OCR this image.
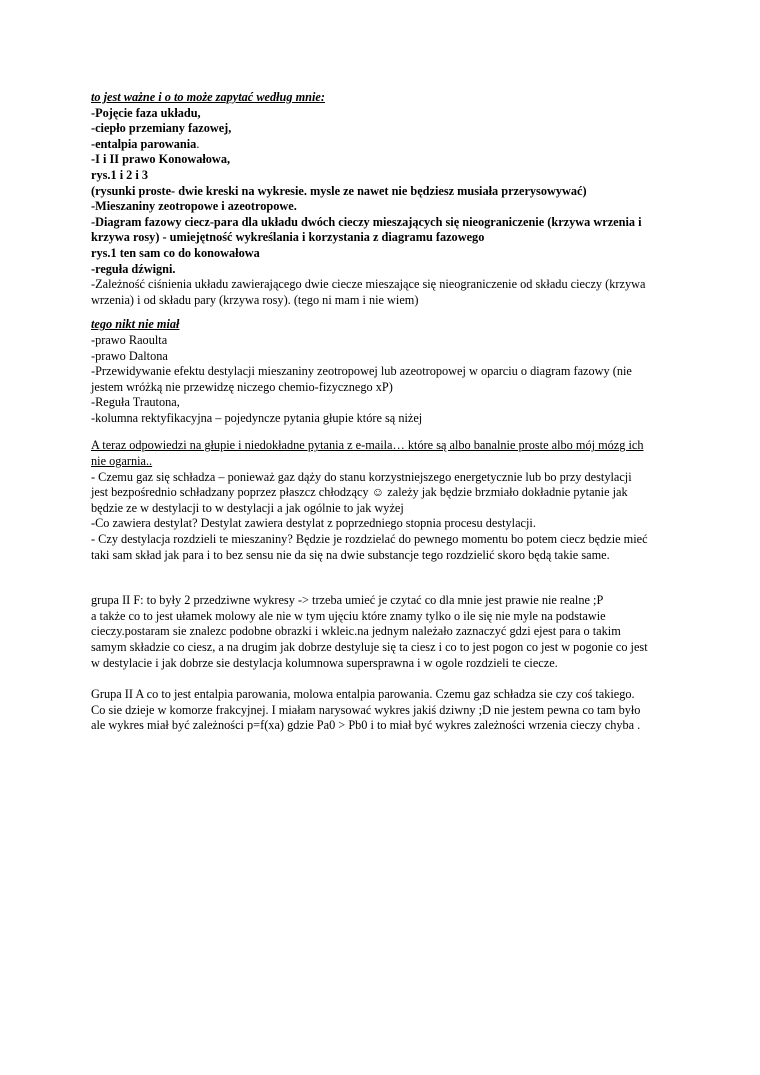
to jest ważne i o to może zapytać według mnie:
-Pojęcie faza układu,
-ciepło przemiany fazowej,
-entalpia parowania.
-I i II prawo Konowałowa,
rys.1 i 2 i 3
(rysunki proste- dwie kreski na wykresie. mysle ze nawet nie będziesz musiała przerysowywać)
-Mieszaniny zeotropowe i azeotropowe.
-Diagram fazowy ciecz-para dla układu dwóch cieczy mieszających się nieograniczenie (krzywa wrzenia i
krzywa rosy) - umiejętność wykreślania i korzystania z diagramu fazowego
rys.1 ten sam co do konowałowa
-reguła dźwigni.
-Zależność ciśnienia układu zawierającego dwie ciecze mieszające się nieograniczenie od składu cieczy (krzywa
wrzenia) i od składu pary (krzywa rosy). (tego ni mam i nie wiem)
tego nikt nie miał
-prawo Raoulta
-prawo Daltona
-Przewidywanie efektu destylacji mieszaniny zeotropowej lub azeotropowej w oparciu o diagram fazowy (nie
jestem wróżką nie przewidzę niczego chemio-fizycznego xP)
-Reguła Trautona,
-kolumna rektyfikacyjna – pojedyncze pytania głupie które są niżej
A teraz odpowiedzi na głupie i niedokładne pytania z e-maila… które są albo banalnie proste albo mój mózg ich
nie ogarnia..
- Czemu gaz się schładza – ponieważ gaz dąży do stanu korzystniejszego energetycznie lub bo przy destylacji
jest bezpośrednio schładzany poprzez płaszcz chłodzący ☺ zależy jak będzie brzmiało dokładnie pytanie jak
będzie ze w destylacji to w destylacji a jak ogólnie to jak wyżej
-Co zawiera destylat? Destylat zawiera destylat z poprzedniego stopnia procesu destylacji.
- Czy destylacja rozdzieli te mieszaniny? Będzie je rozdzielać do pewnego momentu bo potem ciecz będzie mieć
taki sam skład jak para i to bez sensu nie da się na dwie substancje tego rozdzielić skoro będą takie same.
grupa II F: to były 2 przedziwne wykresy -> trzeba umieć je czytać co dla mnie jest prawie nie realne ;P
a także co to jest ułamek molowy ale nie w tym ujęciu które znamy tylko o ile się nie myle na podstawie
cieczy.postaram sie znalezc podobne obrazki i wkleic.na jednym należało zaznaczyć gdzi ejest para o takim
samym składzie co ciesz, a na drugim jak dobrze destyluje się ta ciesz i co to jest pogon co jest w pogonie co jest
w destylacie i jak dobrze sie destylacja kolumnowa supersprawna i w ogole rozdzieli te ciecze.
Grupa II A co to jest entalpia parowania, molowa entalpia parowania. Czemu gaz schładza sie czy coś takiego.
Co sie dzieje w komorze frakcyjnej. I miałam narysować wykres jakiś dziwny ;D nie jestem pewna co tam było
ale wykres miał być zależności p=f(xa) gdzie Pa0 > Pb0 i to miał być wykres zależności wrzenia cieczy chyba .
